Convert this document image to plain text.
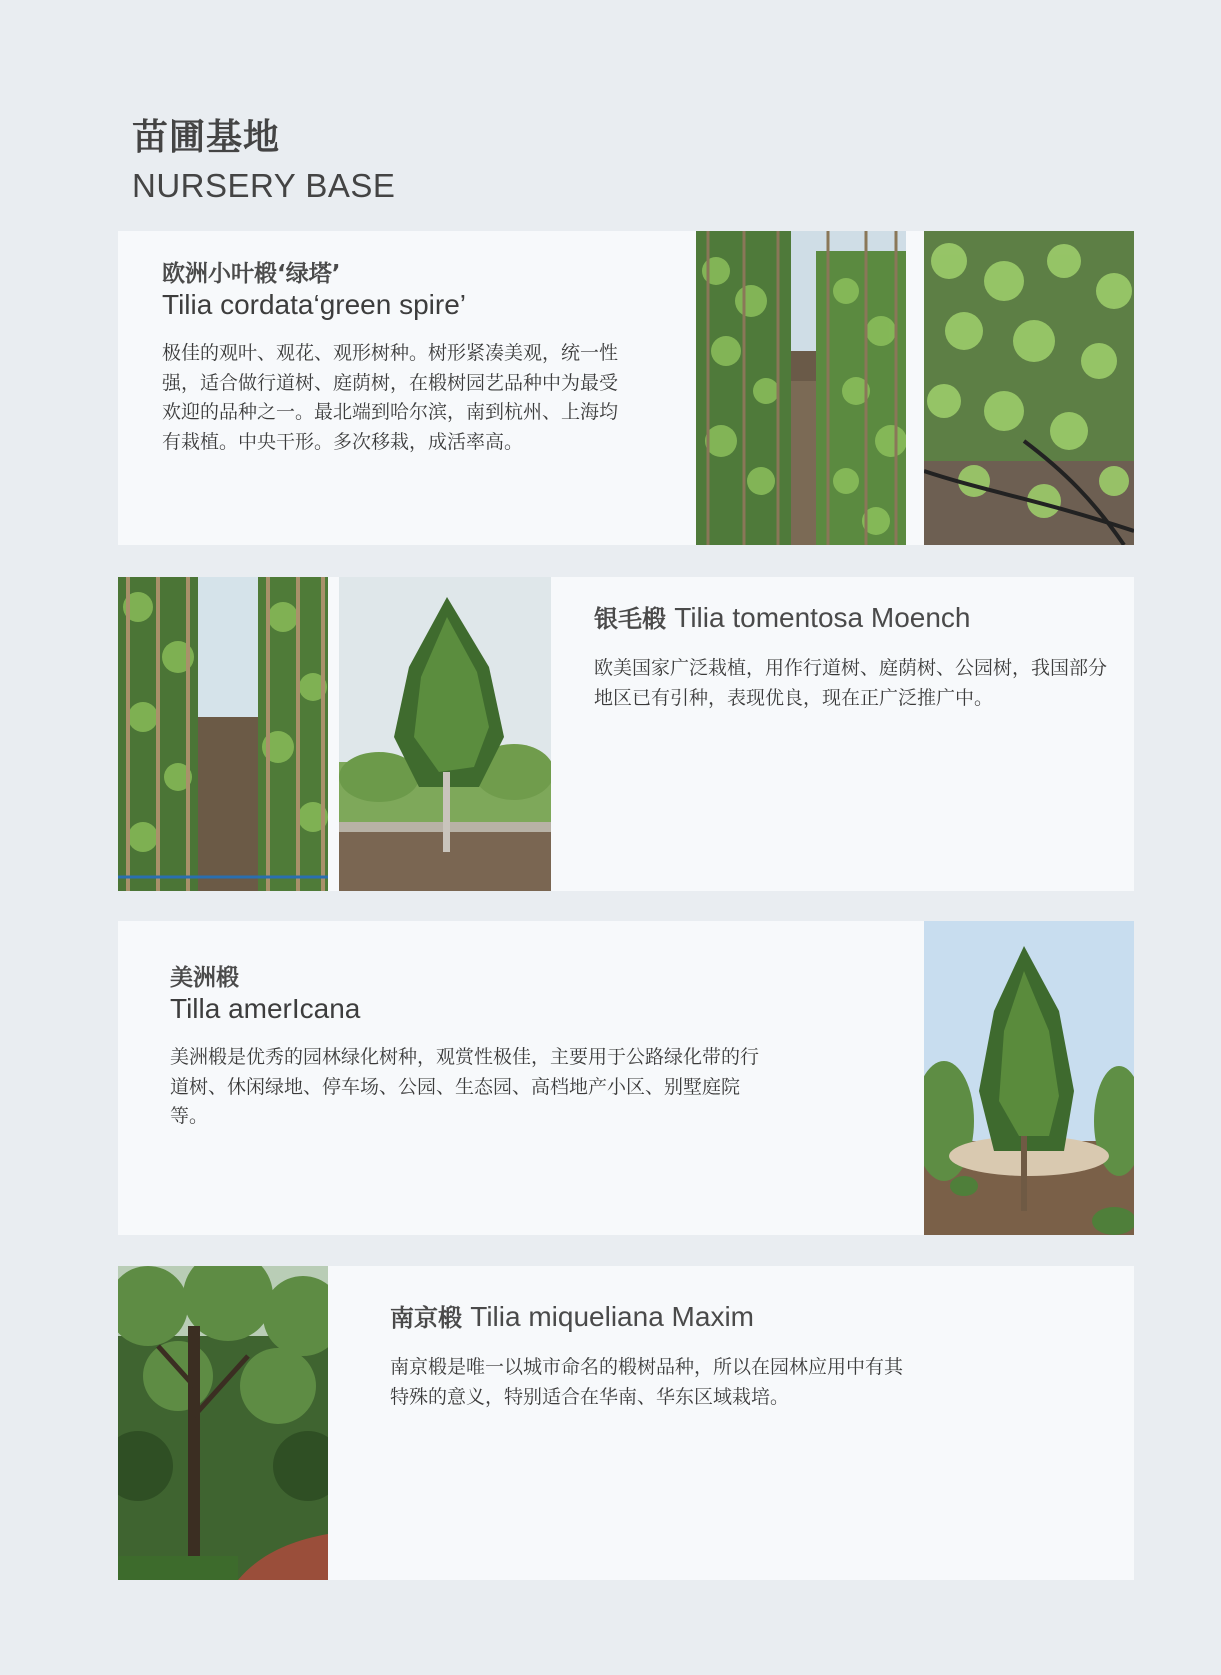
苗圃基地
NURSERY BASE
欧洲小叶椴‘绿塔’
Tilia cordata‘green spire’
极佳的观叶、观花、观形树种。树形紧凑美观，统一性强，适合做行道树、庭荫树，在椴树园艺品种中为最受欢迎的品种之一。最北端到哈尔滨，南到杭州、上海均有栽植。中央干形。多次移栽，成活率高。
银毛椴 Tilia tomentosa Moench
欧美国家广泛栽植，用作行道树、庭荫树、公园树，我国部分地区已有引种，表现优良，现在正广泛推广中。
美洲椴
Tilla amerIcana
美洲椴是优秀的园林绿化树种，观赏性极佳，主要用于公路绿化带的行道树、休闲绿地、停车场、公园、生态园、高档地产小区、别墅庭院等。
南京椴 Tilia miqueliana Maxim
南京椴是唯一以城市命名的椴树品种，所以在园林应用中有其特殊的意义，特别适合在华南、华东区域栽培。
